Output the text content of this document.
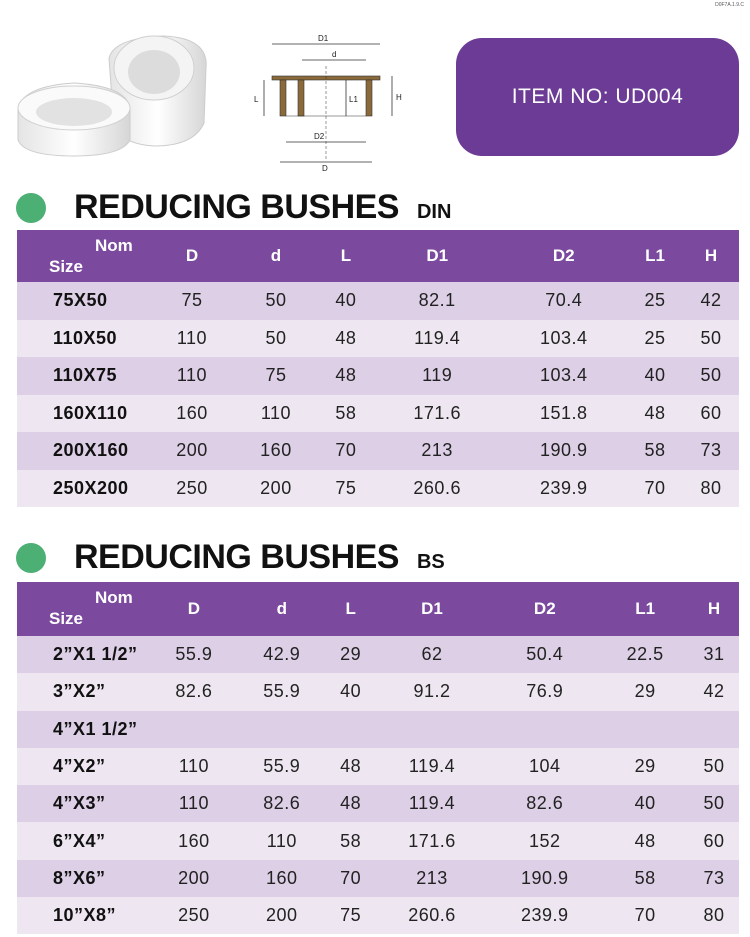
D0F7A.1.9.C
D1
d
L	L1	H
D2
D
ITEM NO: UD004
REDUCING BUSHES DIN
Nom
Size	D	d	L	D1	D2	L1	H
75X50	75	50	40	82.1	70.4	25	42
110X50	110	50	48	119.4	103.4	25	50
110X75	110	75	48	119	103.4	40	50
160X110	160	110	58	171.6	151.8	48	60
200X160	200	160	70	213	190.9	58	73
250X200	250	200	75	260.6	239.9	70	80
REDUCING BUSHES BS
Nom
Size	D	d	L	D1	D2	L1	H
2”X1 1/2”	55.9	42.9	29	62	50.4	22.5	31
3”X2”	82.6	55.9	40	91.2	76.9	29	42
4”X1 1/2”							
4”X2”	110	55.9	48	119.4	104	29	50
4”X3”	110	82.6	48	119.4	82.6	40	50
6”X4”	160	110	58	171.6	152	48	60
8”X6”	200	160	70	213	190.9	58	73
10”X8”	250	200	75	260.6	239.9	70	80
